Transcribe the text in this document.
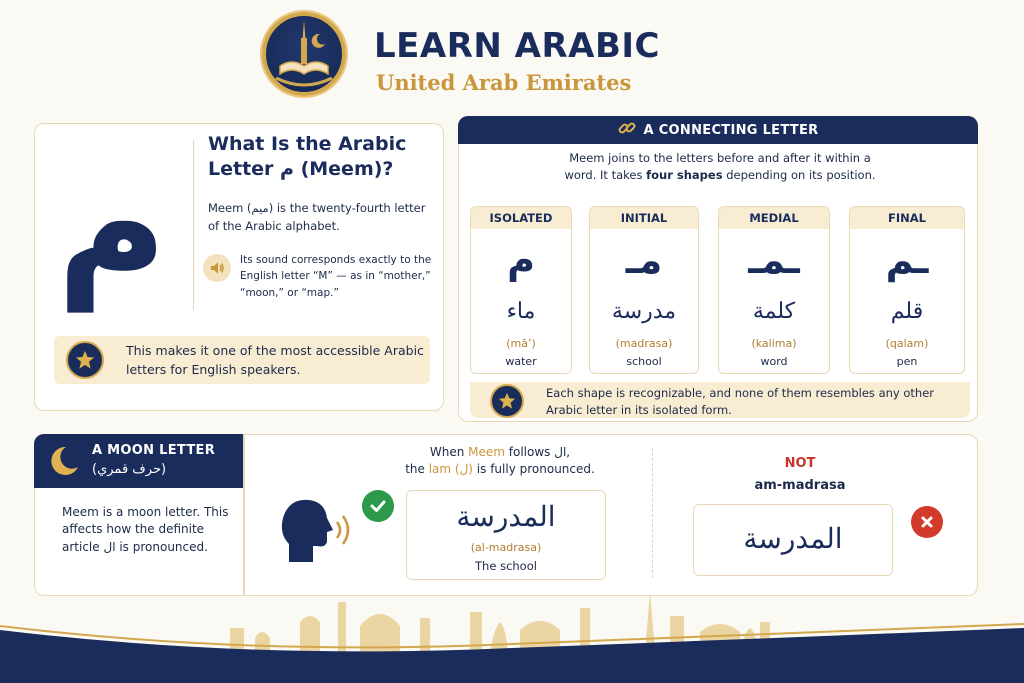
LEARN ARABIC
United Arab Emirates
م What Is the Arabic
Letter م (Meem)?
Meem (ميم) is the twenty-fourth letter of the Arabic alphabet.
Its sound corresponds exactly to the English letter “M” — as in “mother,” “moon,” or “map.”
This makes it one of the most accessible Arabic letters for English speakers.
A CONNECTING LETTER
Meem joins to the letters before and after it within a word. It takes four shapes depending on its position.
ISOLATED
م
ماء
(mā’)
water
INITIAL
مـ
مدرسة
(madrasa)
school
MEDIAL
ـمـ
كلمة
(kalima)
word
FINAL
ـم
قلم
(qalam)
pen
Each shape is recognizable, and none of them resembles any other Arabic letter in its isolated form.
A MOON LETTER
(حرف قمري)
Meem is a moon letter. This affects how the definite article ال is pronounced.
When Meem follows ال,
the lam (ل) is fully pronounced.
المدرسة
(al-madrasa)
The school
NOT
am-madrasa
المدرسة
